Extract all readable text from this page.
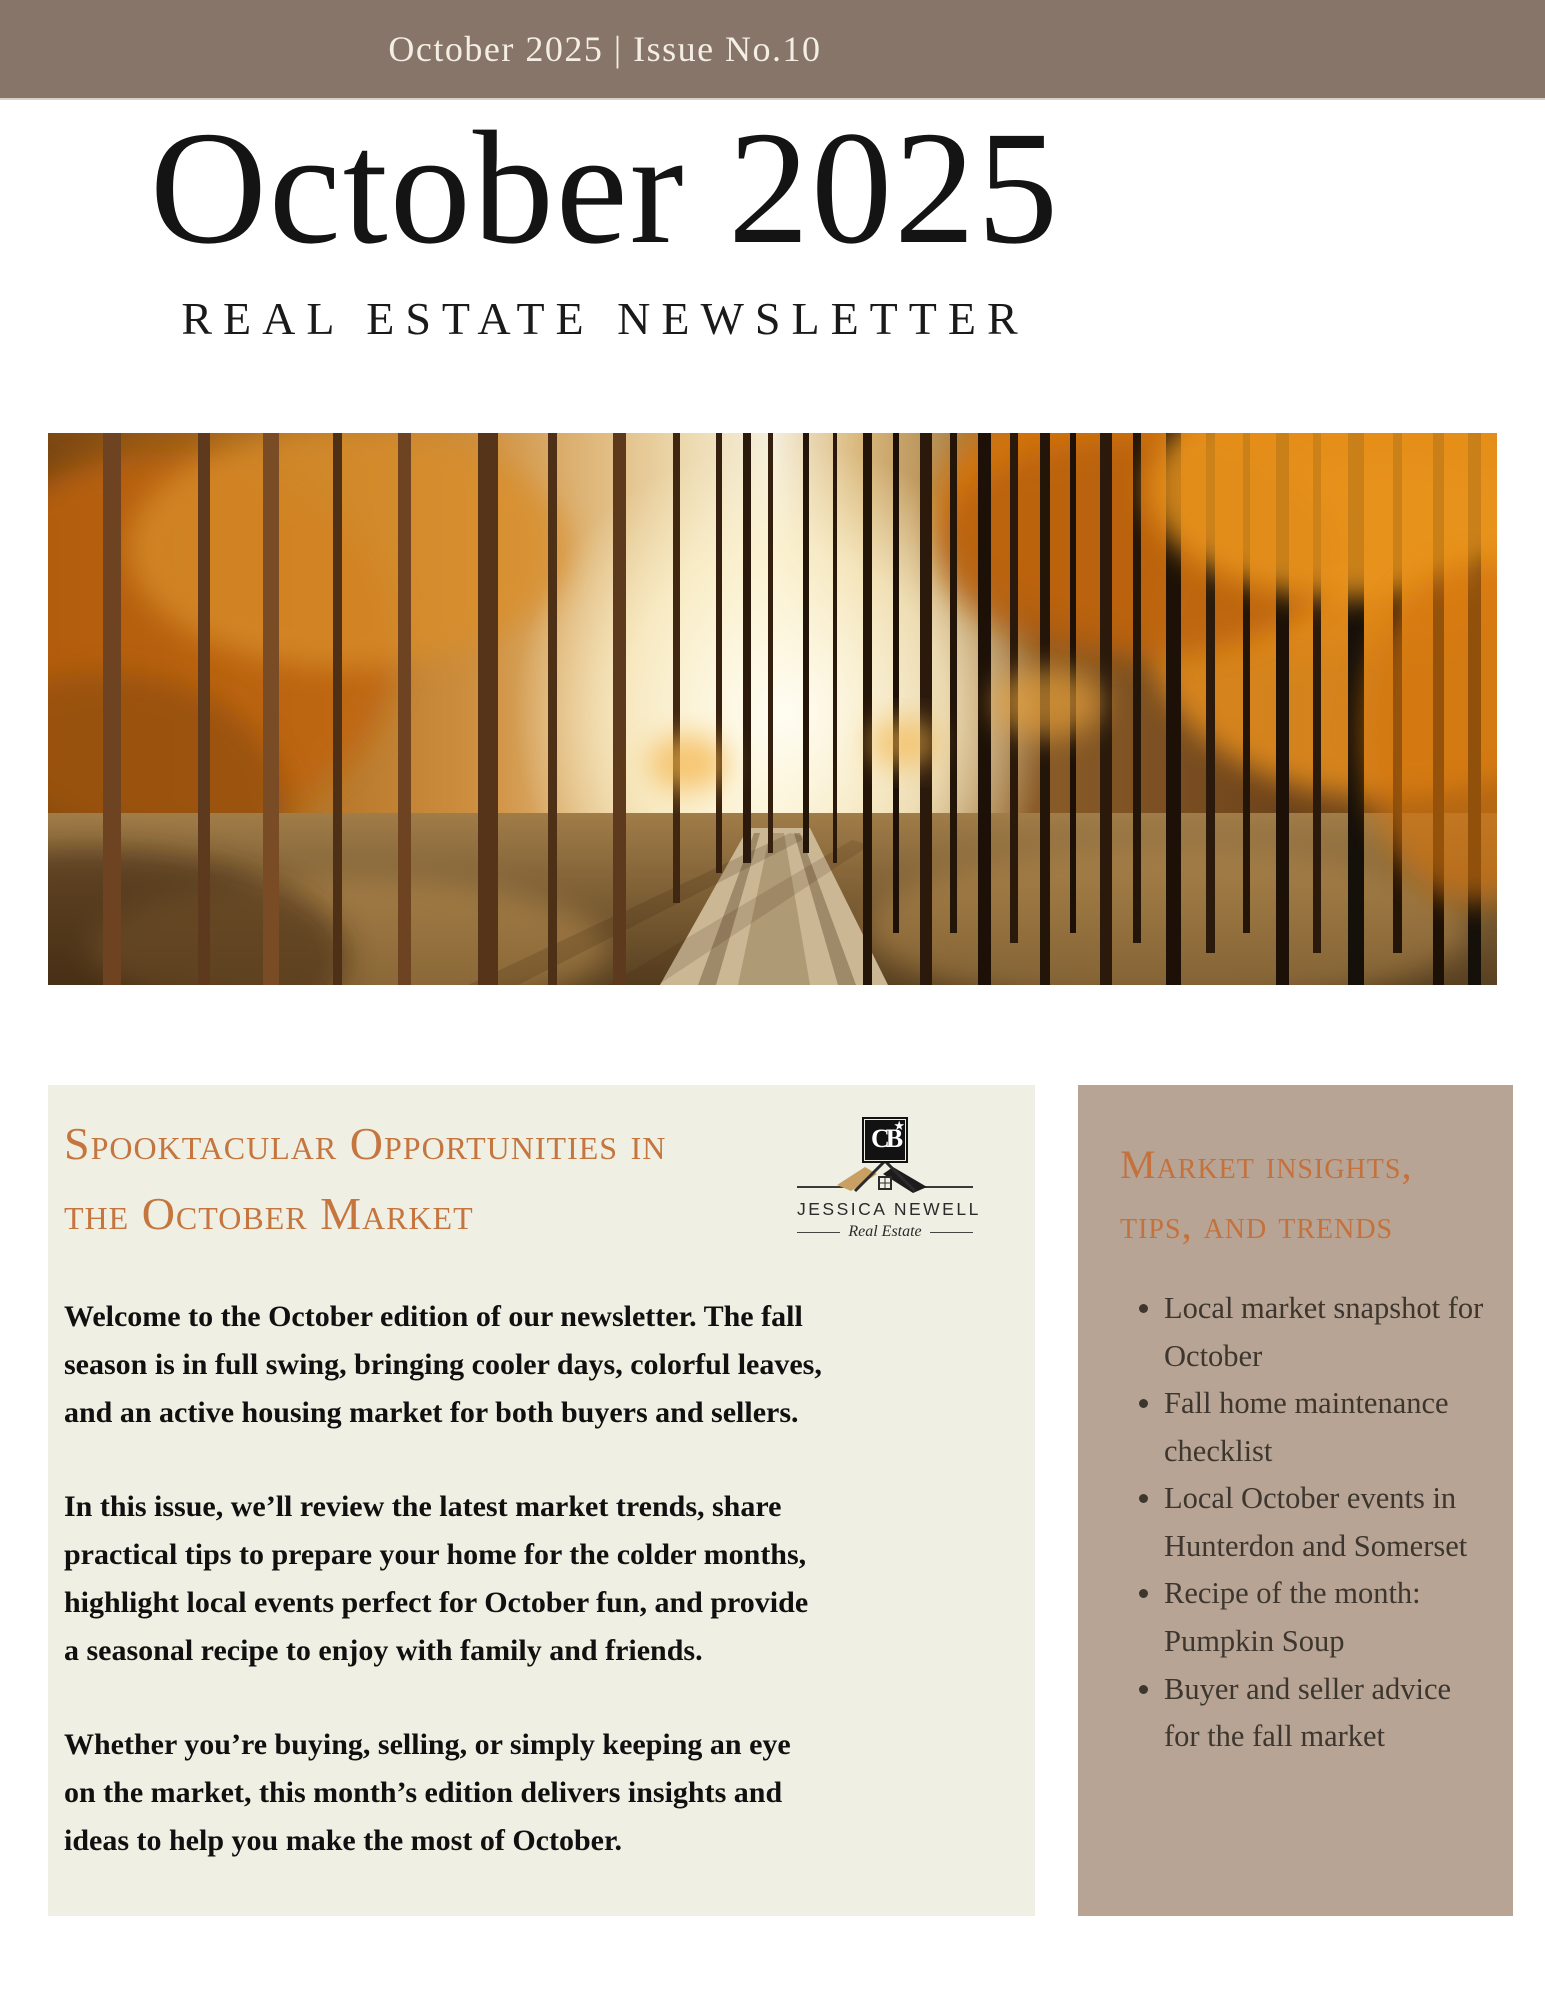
October 2025 | Issue No.10
October 2025
REAL ESTATE NEWSLETTER
Spooktacular Opportunities in the October Market
CB
★
JESSICA NEWELL
Real Estate

Welcome to the October edition of our newsletter. The fall season is in full swing, bringing cooler days, colorful leaves, and an active housing market for both buyers and sellers.

In this issue, we’ll review the latest market trends, share practical tips to prepare your home for the colder months, highlight local events perfect for October fun, and provide a seasonal recipe to enjoy with family and friends.

Whether you’re buying, selling, or simply keeping an eye on the market, this month’s edition delivers insights and ideas to help you make the most of October.

Market insights, tips, and trends
• Local market snapshot for October
• Fall home maintenance checklist
• Local October events in Hunterdon and Somerset
• Recipe of the month: Pumpkin Soup
• Buyer and seller advice for the fall market
